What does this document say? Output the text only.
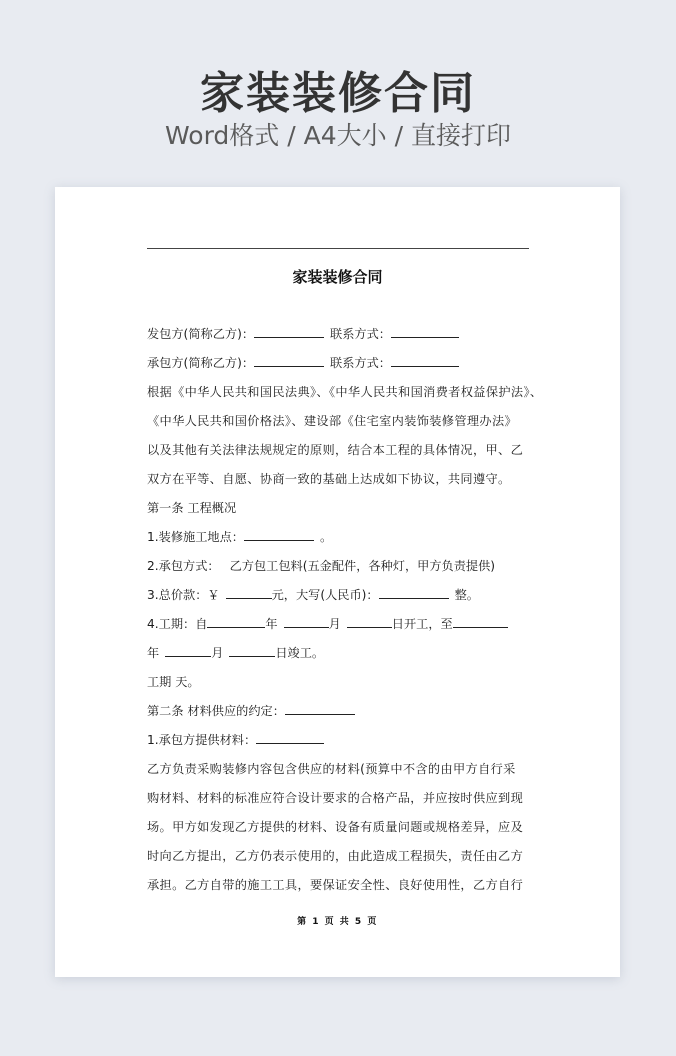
家装装修合同
Word格式 / A4大小 / 直接打印
家装装修合同
发包方(简称乙方)：	联系方式：
承包方(简称乙方)：	联系方式：
根据《中华人民共和国民法典》、《中华人民共和国消费者权益保护法》、
《中华人民共和国价格法》、建设部《住宅室内装饰装修管理办法》
以及其他有关法律法规规定的原则，结合本工程的具体情况，甲、乙
双方在平等、自愿、协商一致的基础上达成如下协议，共同遵守。
第一条 工程概况
1.装修施工地点：	。
2.承包方式： 乙方包工包料(五金配件，各种灯，甲方负责提供)
3.总价款：￥	元，大写(人民币)：	整。
4.工期：自	年	月	日开工，至
年	月	日竣工。
工期 天。
第二条 材料供应的约定：
1.承包方提供材料：
乙方负责采购装修内容包含供应的材料(预算中不含的由甲方自行采
购材料、材料的标准应符合设计要求的合格产品，并应按时供应到现
场。甲方如发现乙方提供的材料、设备有质量问题或规格差异，应及
时向乙方提出，乙方仍表示使用的，由此造成工程损失，责任由乙方
承担。乙方自带的施工工具，要保证安全性、良好使用性，乙方自行
第 1 页 共 5 页
